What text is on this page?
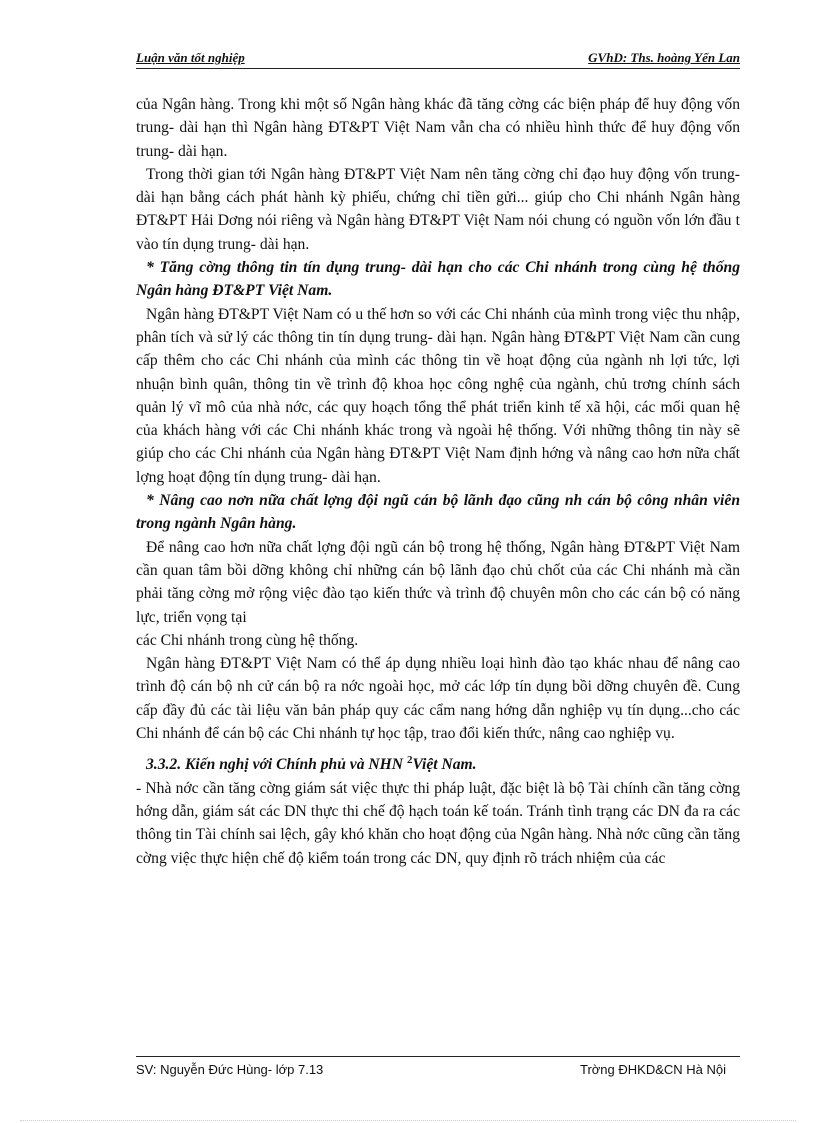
Luận văn tốt nghiệp	GVhD: Ths. hoàng Yến Lan

của Ngân hàng. Trong khi một số Ngân hàng khác đã tăng cờng các biện pháp để huy động vốn trung- dài hạn thì Ngân hàng ĐT&PT Việt Nam vẫn cha có nhiều hình thức để huy động vốn trung- dài hạn.

Trong thời gian tới Ngân hàng ĐT&PT Việt Nam nên tăng cờng chỉ đạo huy động vốn trung- dài hạn bằng cách phát hành kỳ phiếu, chứng chỉ tiền gửi... giúp cho Chi nhánh Ngân hàng ĐT&PT Hải Dơng nói riêng và Ngân hàng ĐT&PT Việt Nam nói chung có nguồn vốn lớn đầu t vào tín dụng trung- dài hạn.

* Tăng cờng thông tin tín dụng trung- dài hạn cho các Chi nhánh trong cùng hệ thống Ngân hàng ĐT&PT Việt Nam.

Ngân hàng ĐT&PT Việt Nam có u thế hơn so với các Chi nhánh của mình trong việc thu nhập, phân tích và sử lý các thông tin tín dụng trung- dài hạn. Ngân hàng ĐT&PT Việt Nam cần cung cấp thêm cho các Chi nhánh của mình các thông tin về hoạt động của ngành nh lợi tức, lợi nhuận bình quân, thông tin về trình độ khoa học công nghệ của ngành, chủ trơng chính sách quản lý vĩ mô của nhà nớc, các quy hoạch tổng thể phát triển kinh tế xã hội, các mối quan hệ của khách hàng với các Chi nhánh khác trong và ngoài hệ thống. Với những thông tin này sẽ giúp cho các Chi nhánh của Ngân hàng ĐT&PT Việt Nam định hớng và nâng cao hơn nữa chất lợng hoạt động tín dụng trung- dài hạn.

* Nâng cao nơn nữa chất lợng đội ngũ cán bộ lãnh đạo cũng nh cán bộ công nhân viên trong ngành Ngân hàng.

Để nâng cao hơn nữa chất lợng đội ngũ cán bộ trong hệ thống, Ngân hàng ĐT&PT Việt Nam cần quan tâm bồi dỡng không chỉ những cán bộ lãnh đạo chủ chốt của các Chi nhánh mà cần phải tăng cờng mở rộng việc đào tạo kiến thức và trình độ chuyên môn cho các cán bộ có năng lực, triển vọng tại

các Chi nhánh trong cùng hệ thống.

Ngân hàng ĐT&PT Việt Nam có thể áp dụng nhiều loại hình đào tạo khác nhau để nâng cao trình độ cán bộ nh cử cán bộ ra nớc ngoài học, mở các lớp tín dụng bồi dỡng chuyên đề. Cung cấp đầy đủ các tài liệu văn bản pháp quy các cẩm nang hớng dẫn nghiệp vụ tín dụng...cho các Chi nhánh để cán bộ các Chi nhánh tự học tập, trao đổi kiến thức, nâng cao nghiệp vụ.

3.3.2. Kiến nghị với Chính phủ và NHN $^2$Việt Nam.

- Nhà nớc cần tăng cờng giám sát việc thực thi pháp luật, đặc biệt là bộ Tài chính cần tăng cờng hớng dẫn, giám sát các DN thực thi chế độ hạch toán kế toán. Tránh tình trạng các DN đa ra các thông tin Tài chính sai lệch, gây khó khăn cho hoạt động của Ngân hàng. Nhà nớc cũng cần tăng cờng việc thực hiện chế độ kiểm toán trong các DN, quy định rõ trách nhiệm của các

SV: Nguyễn Đức Hùng- lớp 7.13	Trờng ĐHKD&CN Hà Nội
